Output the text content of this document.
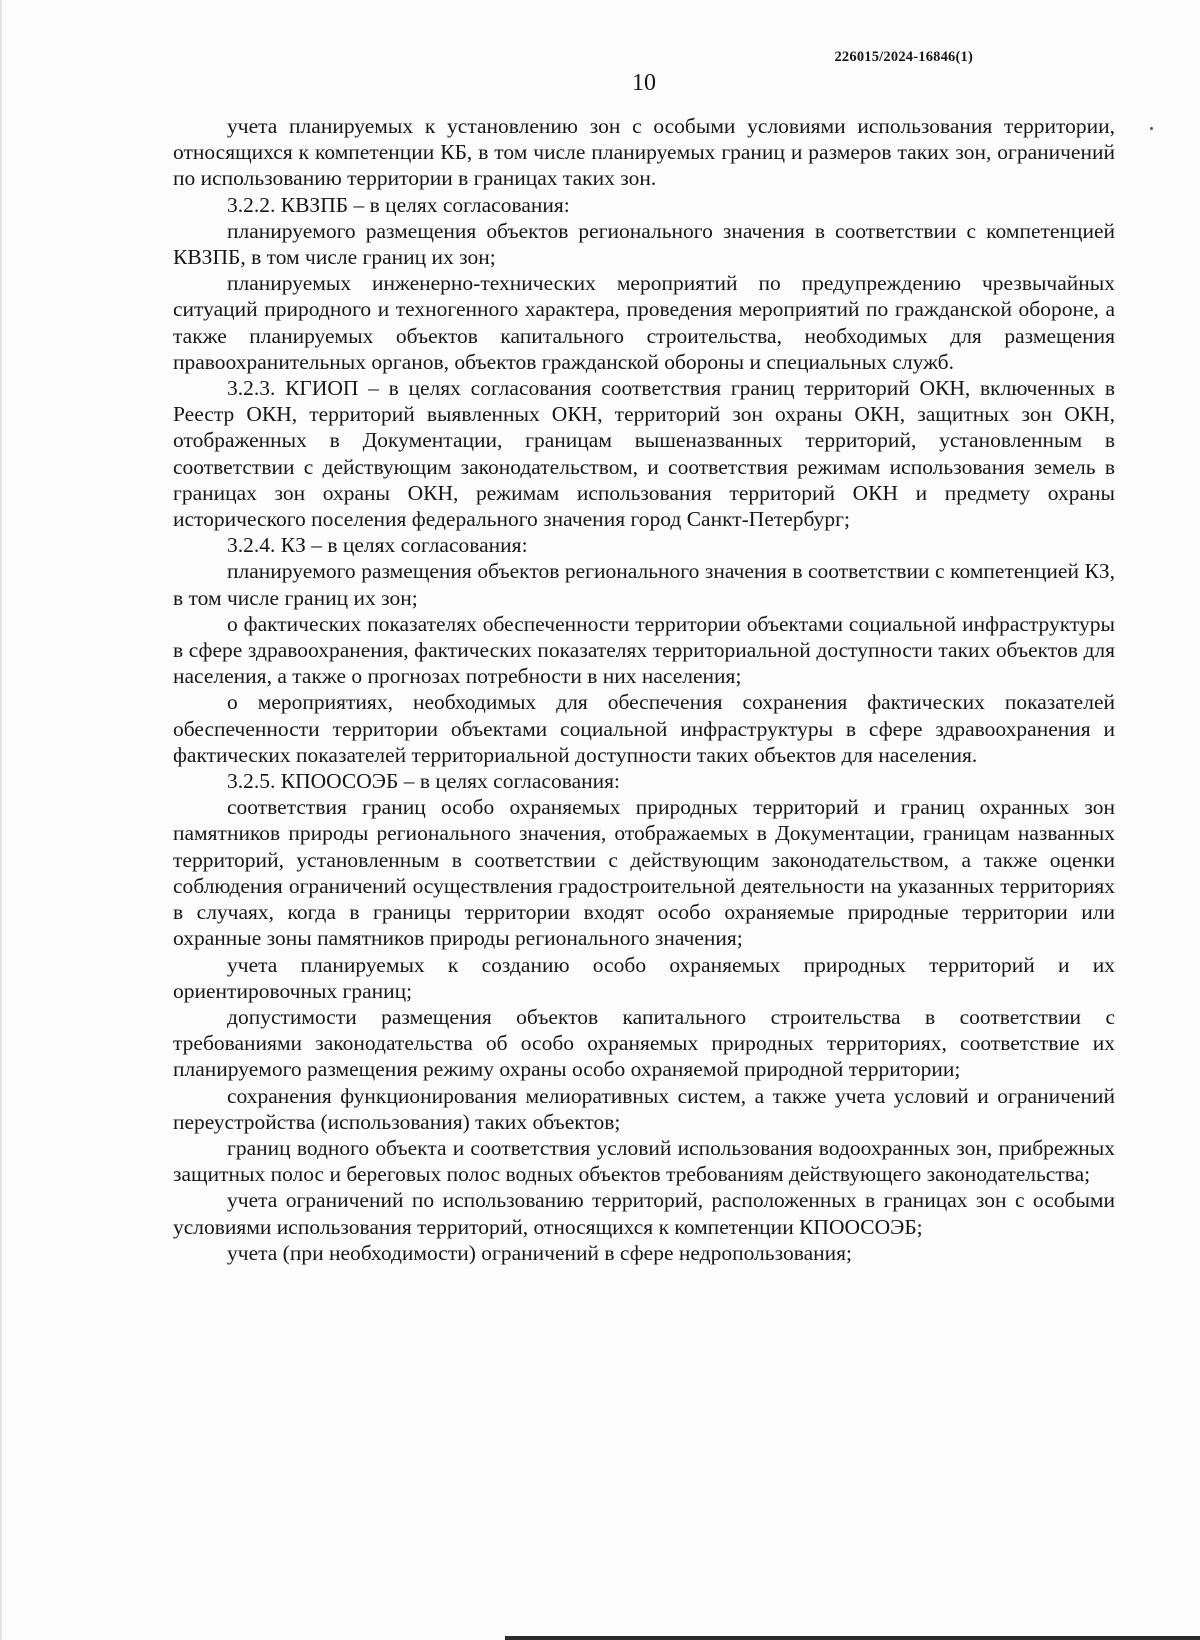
226015/2024-16846(1)
10

учета планируемых к установлению зон с особыми условиями использования территории, относящихся к компетенции КБ, в том числе планируемых границ и размеров таких зон, ограничений по использованию территории в границах таких зон.

3.2.2. КВЗПБ – в целях согласования:

планируемого размещения объектов регионального значения в соответствии с компетенцией КВЗПБ, в том числе границ их зон;

планируемых инженерно-технических мероприятий по предупреждению чрезвычайных ситуаций природного и техногенного характера, проведения мероприятий по гражданской обороне, а также планируемых объектов капитального строительства, необходимых для размещения правоохранительных органов, объектов гражданской обороны и специальных служб.

3.2.3. КГИОП – в целях согласования соответствия границ территорий ОКН, включенных в Реестр ОКН, территорий выявленных ОКН, территорий зон охраны ОКН, защитных зон ОКН, отображенных в Документации, границам вышеназванных территорий, установленным в соответствии с действующим законодательством, и соответствия режимам использования земель в границах зон охраны ОКН, режимам использования территорий ОКН и предмету охраны исторического поселения федерального значения город Санкт-Петербург;

3.2.4. КЗ – в целях согласования:

планируемого размещения объектов регионального значения в соответствии с компетенцией КЗ, в том числе границ их зон;

о фактических показателях обеспеченности территории объектами социальной инфраструктуры в сфере здравоохранения, фактических показателях территориальной доступности таких объектов для населения, а также о прогнозах потребности в них населения;

о мероприятиях, необходимых для обеспечения сохранения фактических показателей обеспеченности территории объектами социальной инфраструктуры в сфере здравоохранения и фактических показателей территориальной доступности таких объектов для населения.

3.2.5. КПООСОЭБ – в целях согласования:

соответствия границ особо охраняемых природных территорий и границ охранных зон памятников природы регионального значения, отображаемых в Документации, границам названных территорий, установленным в соответствии с действующим законодательством, а также оценки соблюдения ограничений осуществления градостроительной деятельности на указанных территориях в случаях, когда в границы территории входят особо охраняемые природные территории или охранные зоны памятников природы регионального значения;

учета планируемых к созданию особо охраняемых природных территорий и их ориентировочных границ;

допустимости размещения объектов капитального строительства в соответствии с требованиями законодательства об особо охраняемых природных территориях, соответствие их планируемого размещения режиму охраны особо охраняемой природной территории;

сохранения функционирования мелиоративных систем, а также учета условий и ограничений переустройства (использования) таких объектов;

границ водного объекта и соответствия условий использования водоохранных зон, прибрежных защитных полос и береговых полос водных объектов требованиям действующего законодательства;

учета ограничений по использованию территорий, расположенных в границах зон с особыми условиями использования территорий, относящихся к компетенции КПООСОЭБ;

учета (при необходимости) ограничений в сфере недропользования;
